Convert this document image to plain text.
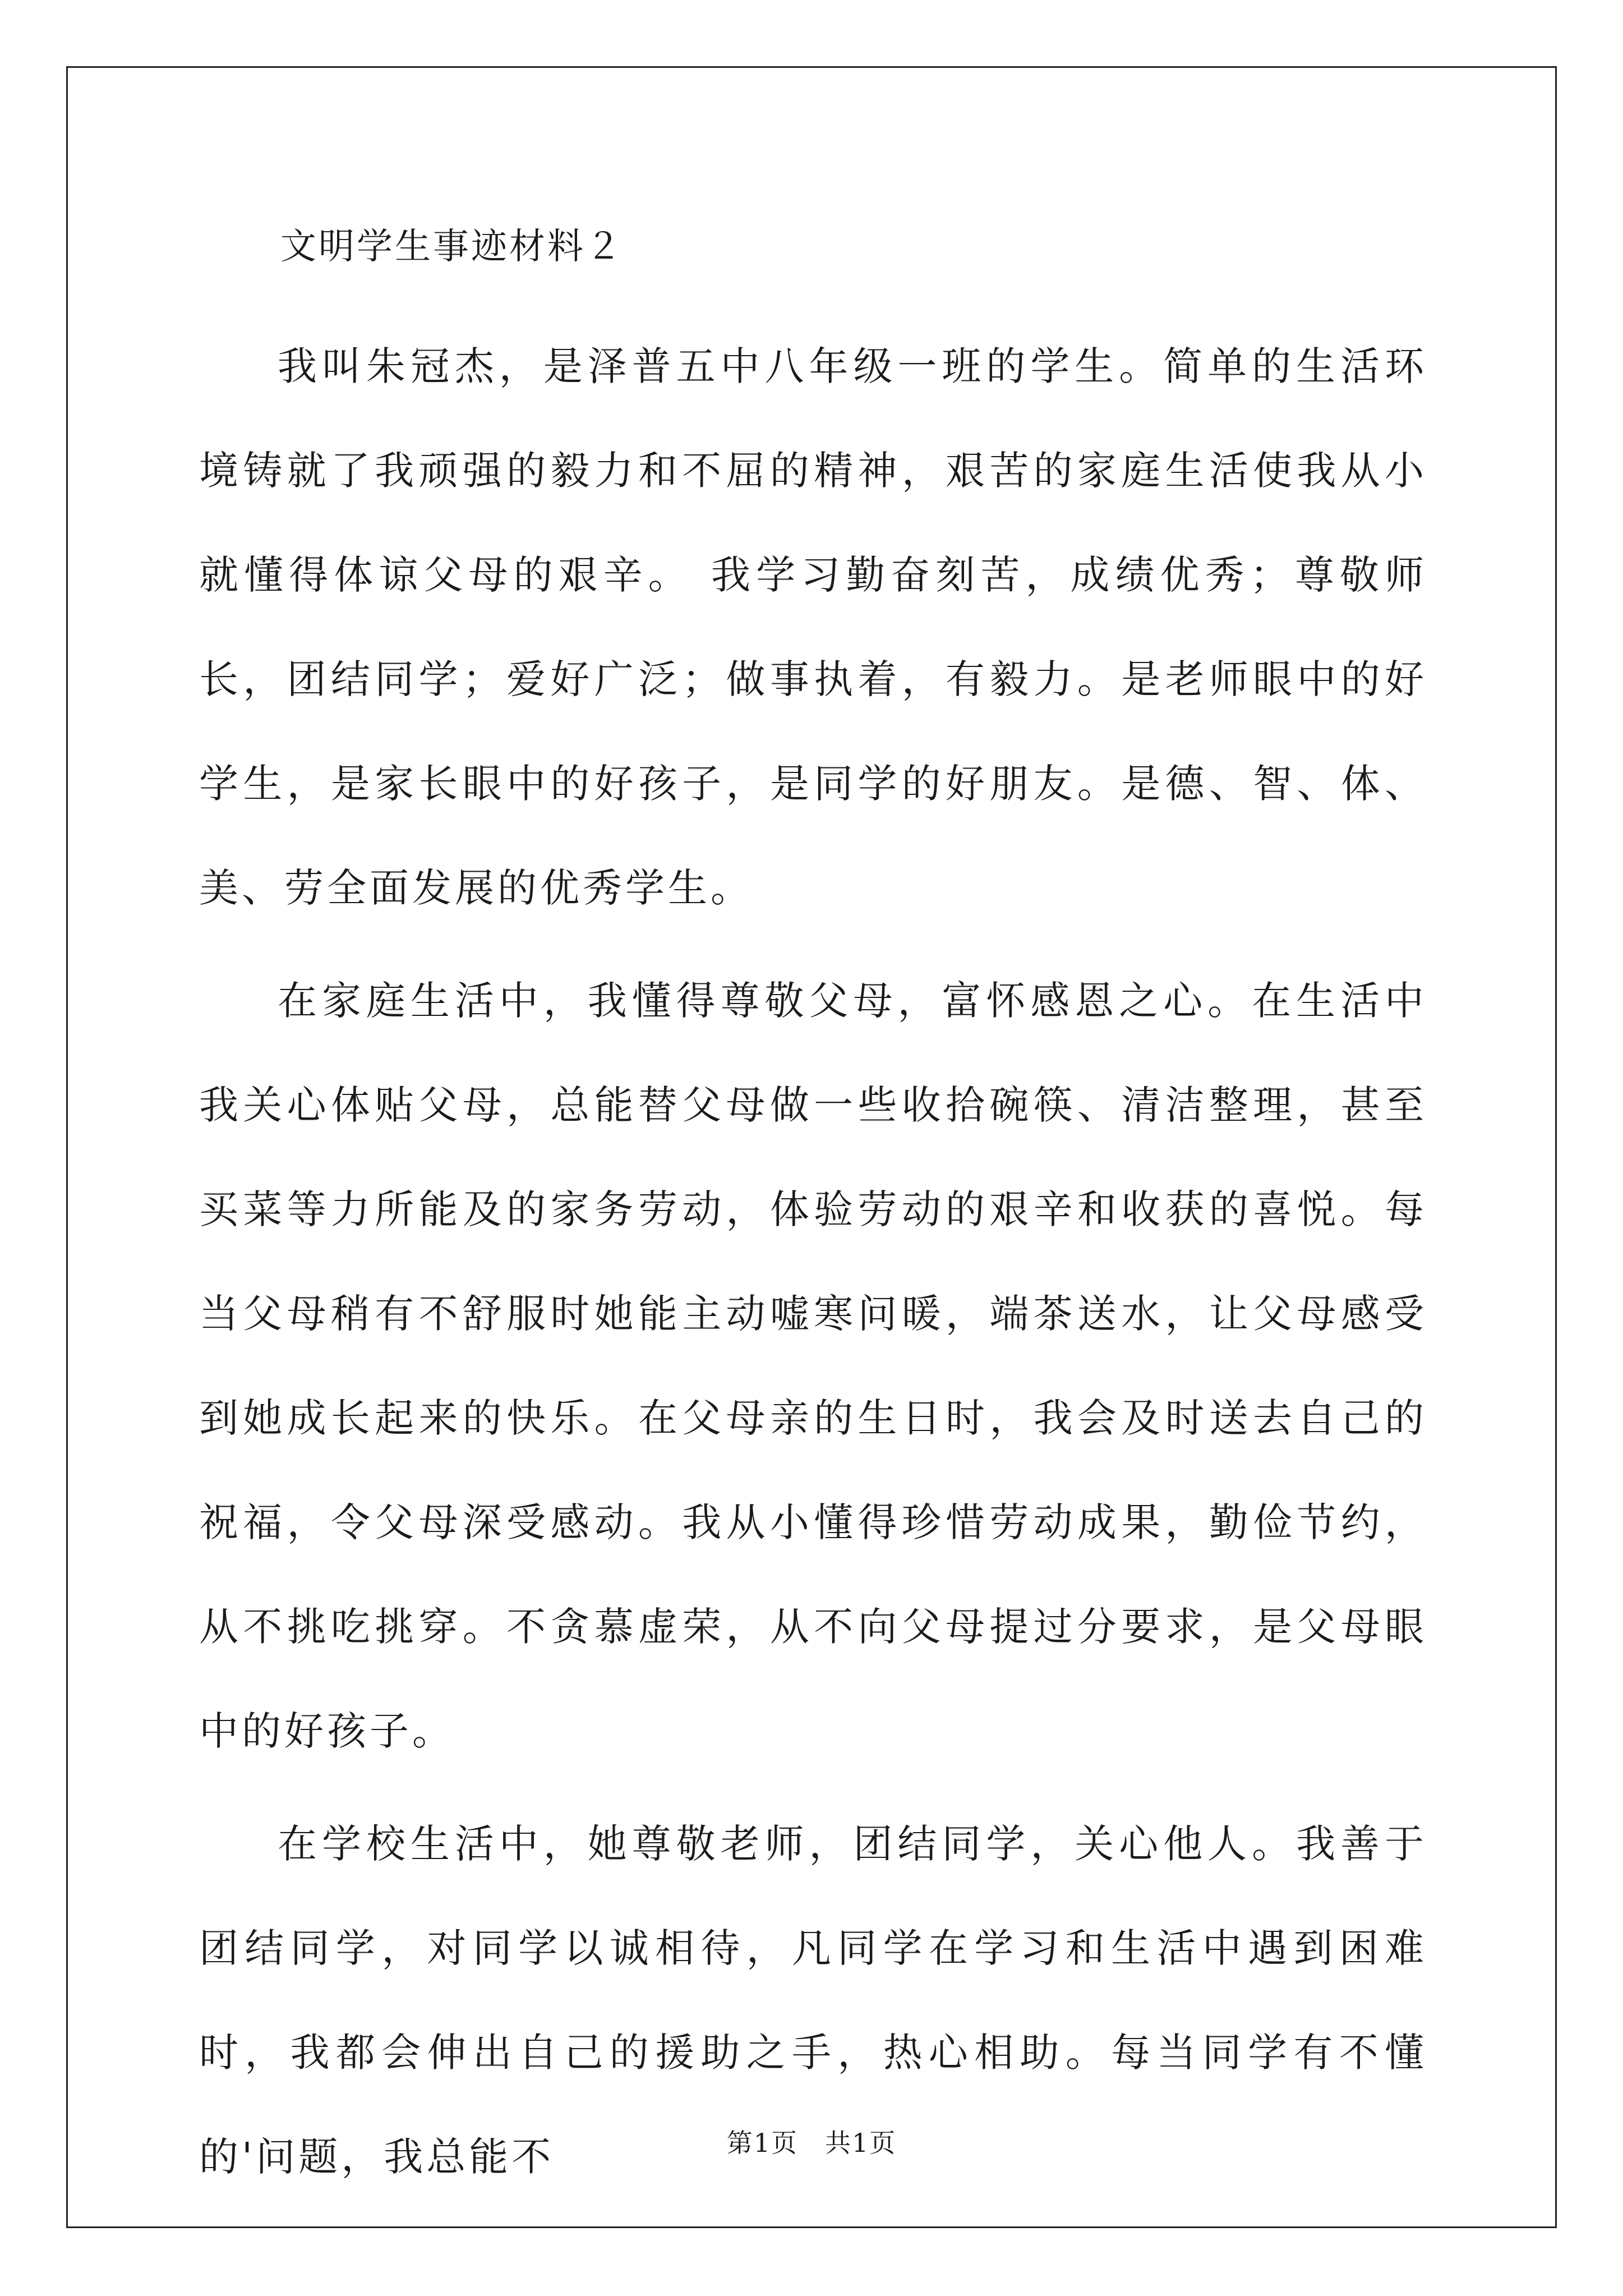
文明学生事迹材料２

我叫朱冠杰，是泽普五中八年级一班的学生。简单的生活环境铸就了我顽强的毅力和不屈的精神，艰苦的家庭生活使我从小就懂得体谅父母的艰辛。 我学习勤奋刻苦，成绩优秀；尊敬师长，团结同学；爱好广泛；做事执着，有毅力。是老师眼中的好学生，是家长眼中的好孩子，是同学的好朋友。是德、智、体、美、劳全面发展的优秀学生。

在家庭生活中，我懂得尊敬父母，富怀感恩之心。在生活中我关心体贴父母，总能替父母做一些收拾碗筷、清洁整理，甚至买菜等力所能及的家务劳动，体验劳动的艰辛和收获的喜悦。每当父母稍有不舒服时她能主动嘘寒问暖，端茶送水，让父母感受到她成长起来的快乐。在父母亲的生日时，我会及时送去自己的祝福，令父母深受感动。我从小懂得珍惜劳动成果，勤俭节约，从不挑吃挑穿。不贪慕虚荣，从不向父母提过分要求，是父母眼中的好孩子。

在学校生活中，她尊敬老师，团结同学，关心他人。我善于团结同学，对同学以诚相待，凡同学在学习和生活中遇到困难时，我都会伸出自己的援助之手，热心相助。每当同学有不懂的'问题，我总能不	第1页　共1页
